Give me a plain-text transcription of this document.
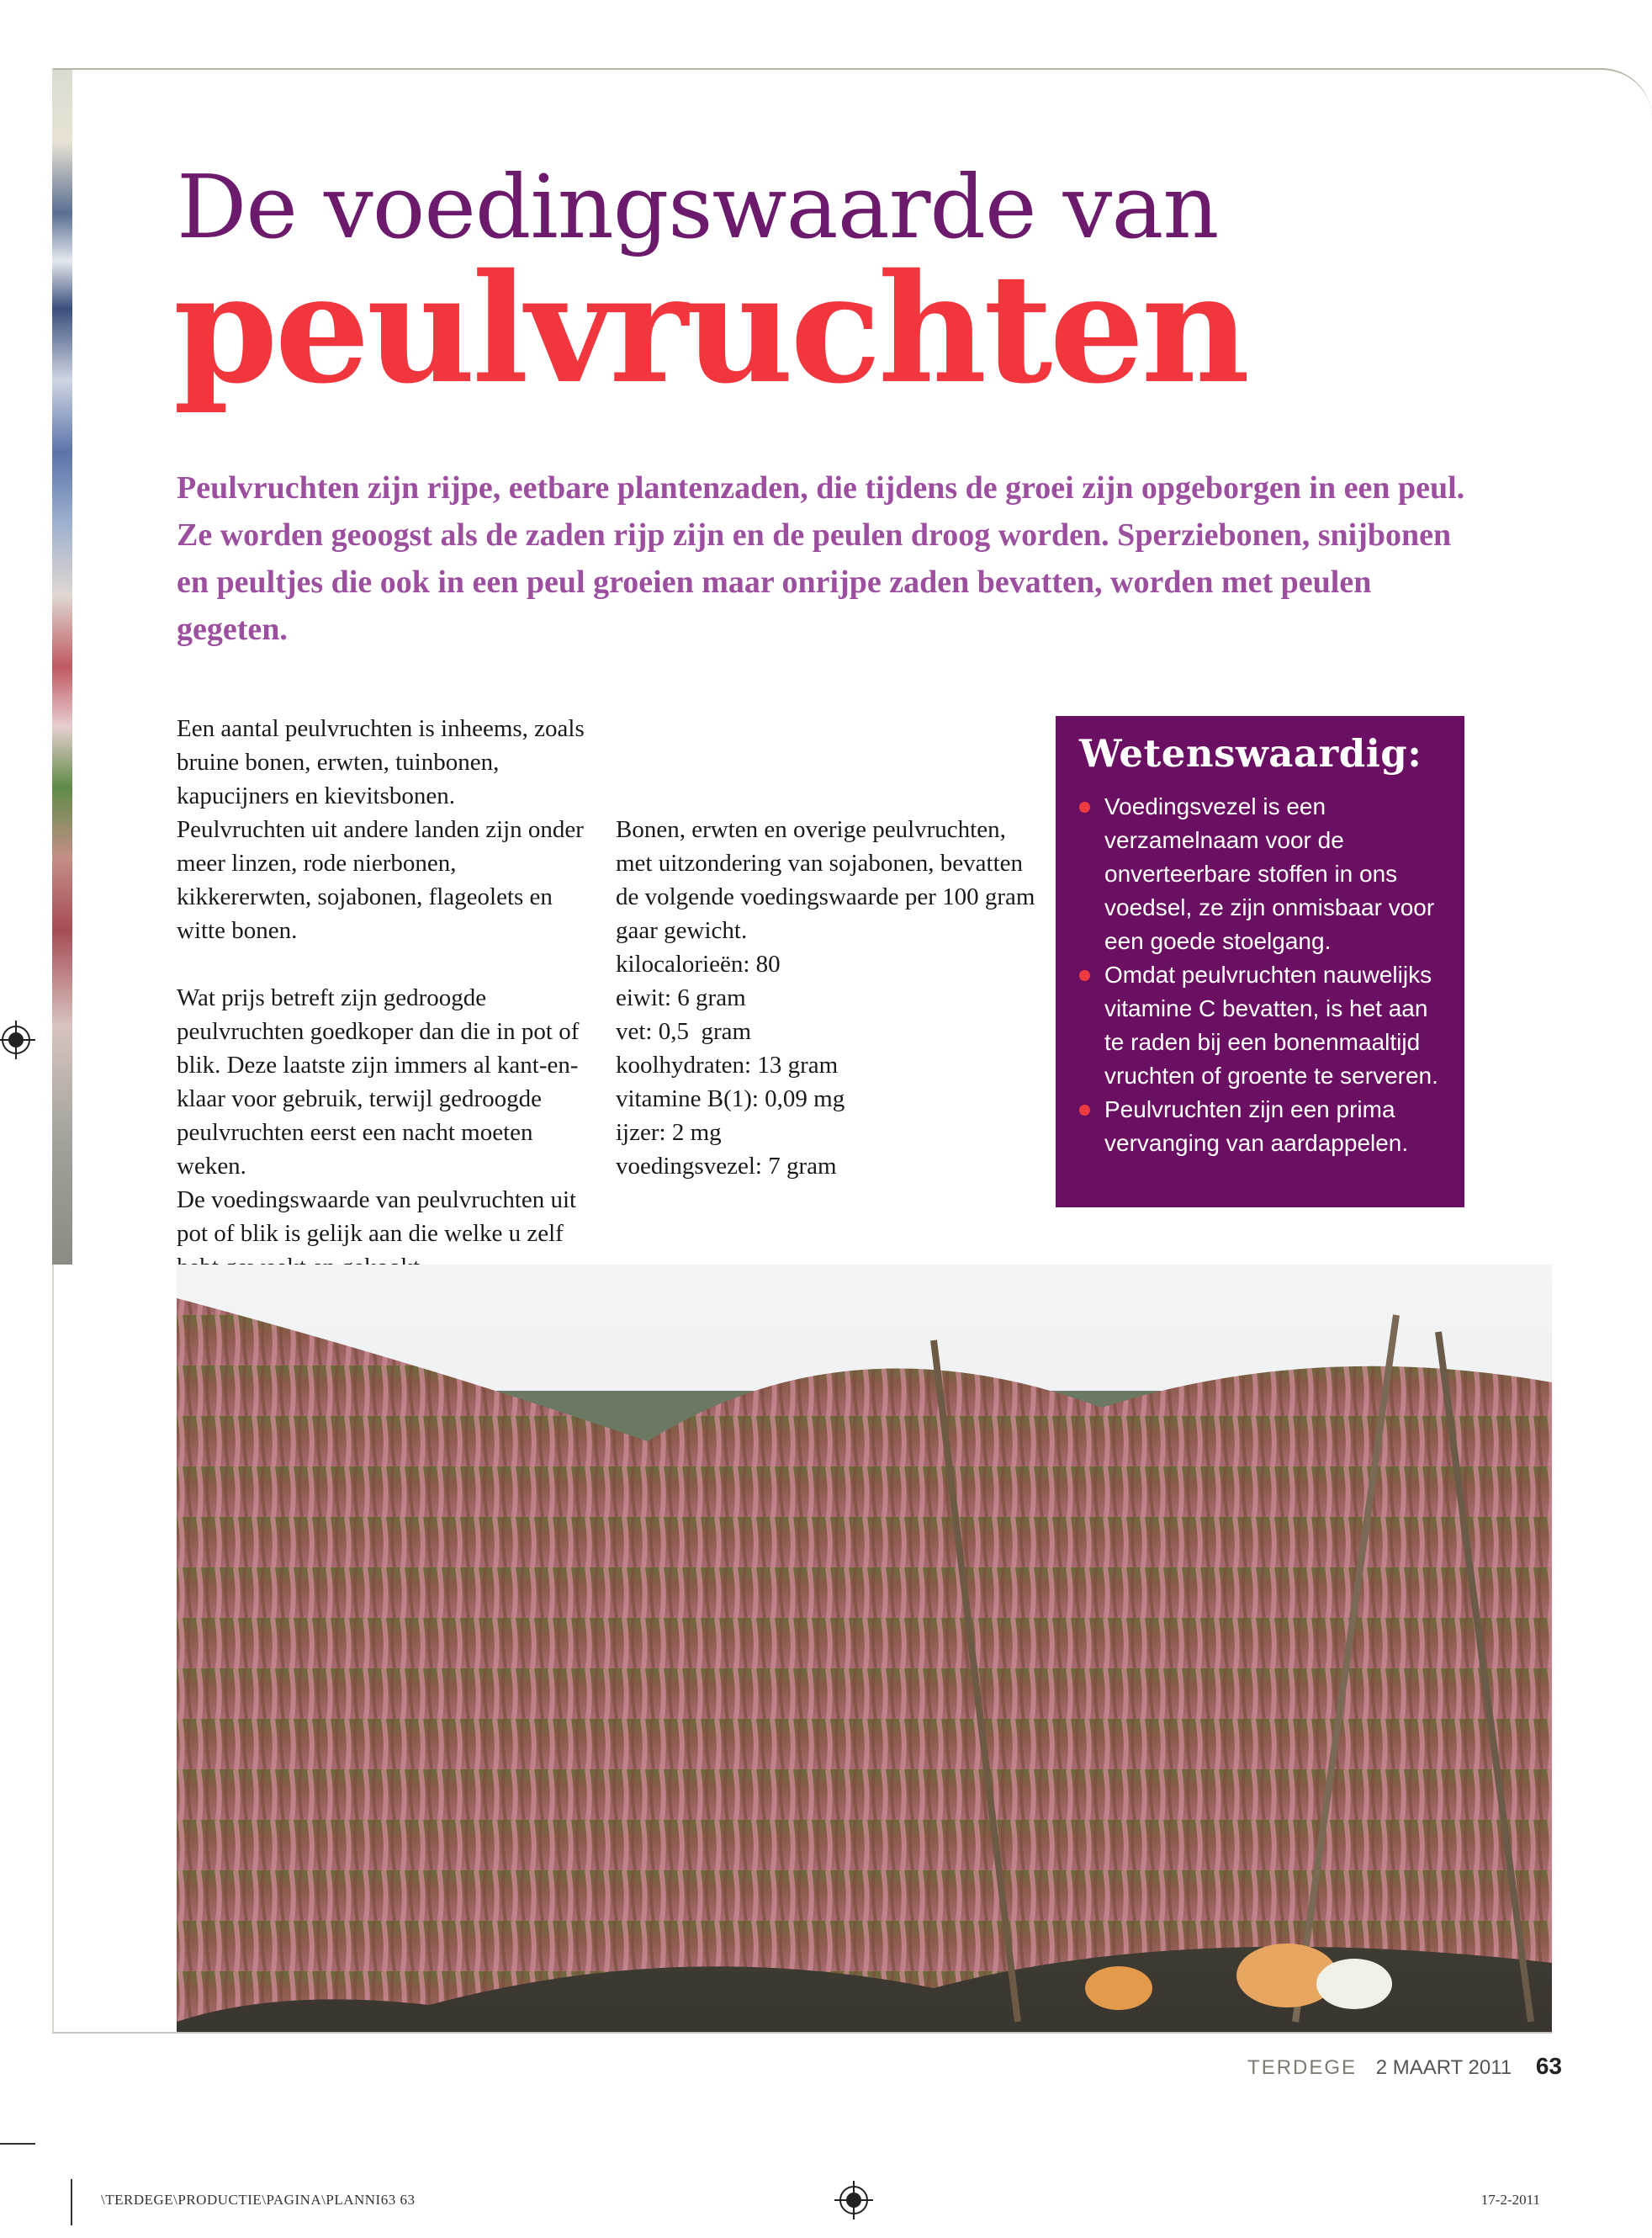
De voedingswaarde van
peulvruchten
Peulvruchten zijn rijpe, eetbare plantenzaden, die tijdens de groei zijn opgeborgen in een peul. Ze worden geoogst als de zaden rijp zijn en de peulen droog worden. Sperziebonen, snijbonen en peultjes die ook in een peul groeien maar onrijpe zaden bevatten, worden met peulen gegeten.

Een aantal peulvruchten is inheems, zoals bruine bonen, erwten, tuinbonen, kapucijners en kievitsbonen. Peulvruchten uit andere landen zijn onder meer linzen, rode nierbonen, kikkererwten, sojabonen, flageolets en witte bonen.

Wat prijs betreft zijn gedroogde peulvruchten goedkoper dan die in pot of blik. Deze laatste zijn immers al kant-en-klaar voor gebruik, terwijl gedroogde peulvruchten eerst een nacht moeten weken.

De voedingswaarde van peulvruchten uit pot of blik is gelijk aan die welke u zelf

Bonen, erwten en overige peulvruchten, met uitzondering van sojabonen, bevatten de volgende voedingswaarde per 100 gram gaar gewicht.

kilocalorieën: 80

eiwit: 6 gram

vet: 0,5  gram

koolhydraten: 13 gram

vitamine B(1): 0,09 mg

ijzer: 2 mg

voedingsvezel: 7 gram

Wetenswaardig:
Voedingsvezel is een verzamelnaam voor de onverteerbare stoffen in ons voedsel, ze zijn onmisbaar voor een goede stoelgang.
Omdat peulvruchten nauwelijks vitamine C bevatten, is het aan te raden bij een bonenmaaltijd vruchten of groente te serveren.
Peulvruchten zijn een prima vervanging van aardappelen.
TERDEGE 2 MAART 2011 63
\TERDEGE\PRODUCTIE\PAGINA\PLANNI63 63	17-2-2011
